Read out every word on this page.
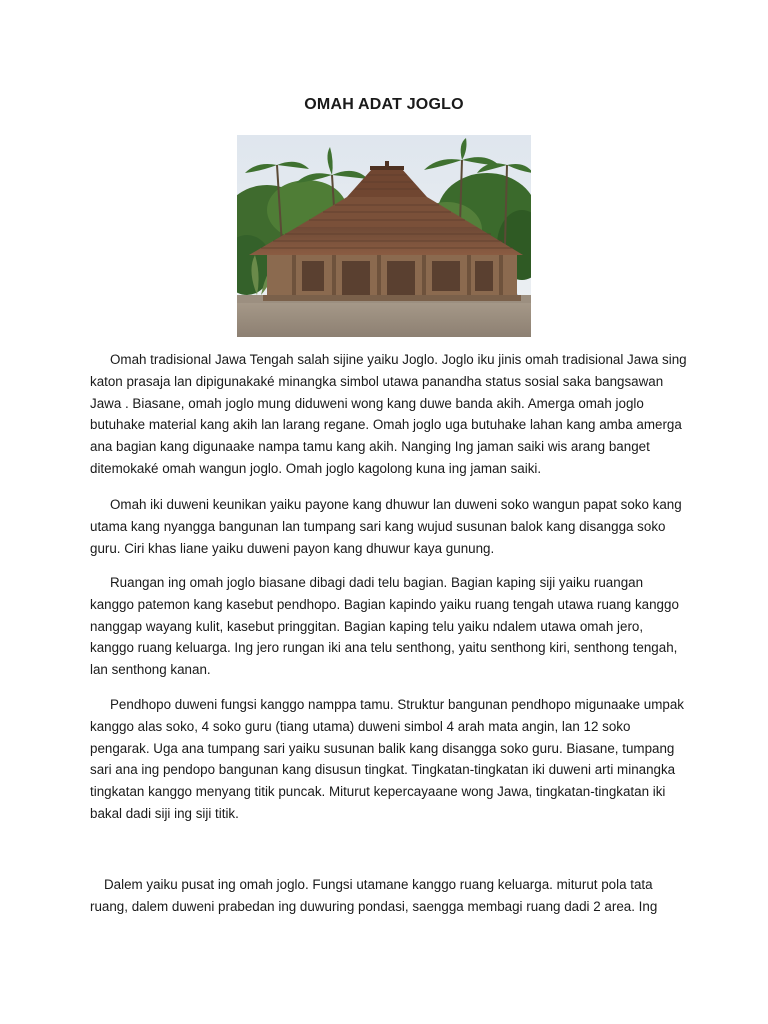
OMAH ADAT JOGLO

Omah tradisional Jawa Tengah salah sijine yaiku Joglo. Joglo iku jinis omah tradisional Jawa sing katon prasaja lan dipigunakaké minangka simbol utawa panandha status sosial saka bangsawan Jawa . Biasane, omah joglo mung diduweni wong kang duwe banda akih. Amerga omah joglo butuhake material kang akih lan larang regane. Omah joglo uga butuhake lahan kang amba amerga ana bagian kang digunaake nampa tamu kang akih. Nanging Ing jaman saiki wis arang banget ditemokaké omah wangun joglo. Omah joglo kagolong kuna ing jaman saiki.

Omah iki duweni keunikan yaiku payone kang dhuwur lan duweni soko wangun papat soko kang utama kang nyangga bangunan lan tumpang sari kang wujud susunan balok kang disangga soko guru. Ciri khas liane yaiku duweni payon kang dhuwur kaya gunung.

Ruangan ing omah joglo biasane dibagi dadi telu bagian. Bagian kaping siji yaiku ruangan kanggo patemon kang kasebut pendhopo. Bagian kapindo yaiku ruang tengah utawa ruang kanggo nanggap wayang kulit, kasebut pringgitan. Bagian kaping telu yaiku ndalem utawa omah jero, kanggo ruang keluarga. Ing jero rungan iki ana telu senthong, yaitu senthong kiri, senthong tengah, lan senthong kanan.

Pendhopo duweni fungsi kanggo namppa tamu. Struktur bangunan pendhopo migunaake umpak kanggo alas soko, 4 soko guru (tiang utama) duweni simbol 4 arah mata angin, lan 12 soko pengarak. Uga ana tumpang sari yaiku susunan balik kang disangga soko guru. Biasane, tumpang sari ana ing pendopo bangunan kang disusun tingkat. Tingkatan-tingkatan iki duweni arti minangka tingkatan kanggo menyang titik puncak. Miturut kepercayaane wong Jawa, tingkatan-tingkatan iki bakal dadi siji ing siji titik.

Dalem yaiku pusat ing omah joglo. Fungsi utamane kanggo ruang keluarga. miturut pola tata ruang, dalem duweni prabedan ing duwuring pondasi, saengga membagi ruang dadi 2 area. Ing
